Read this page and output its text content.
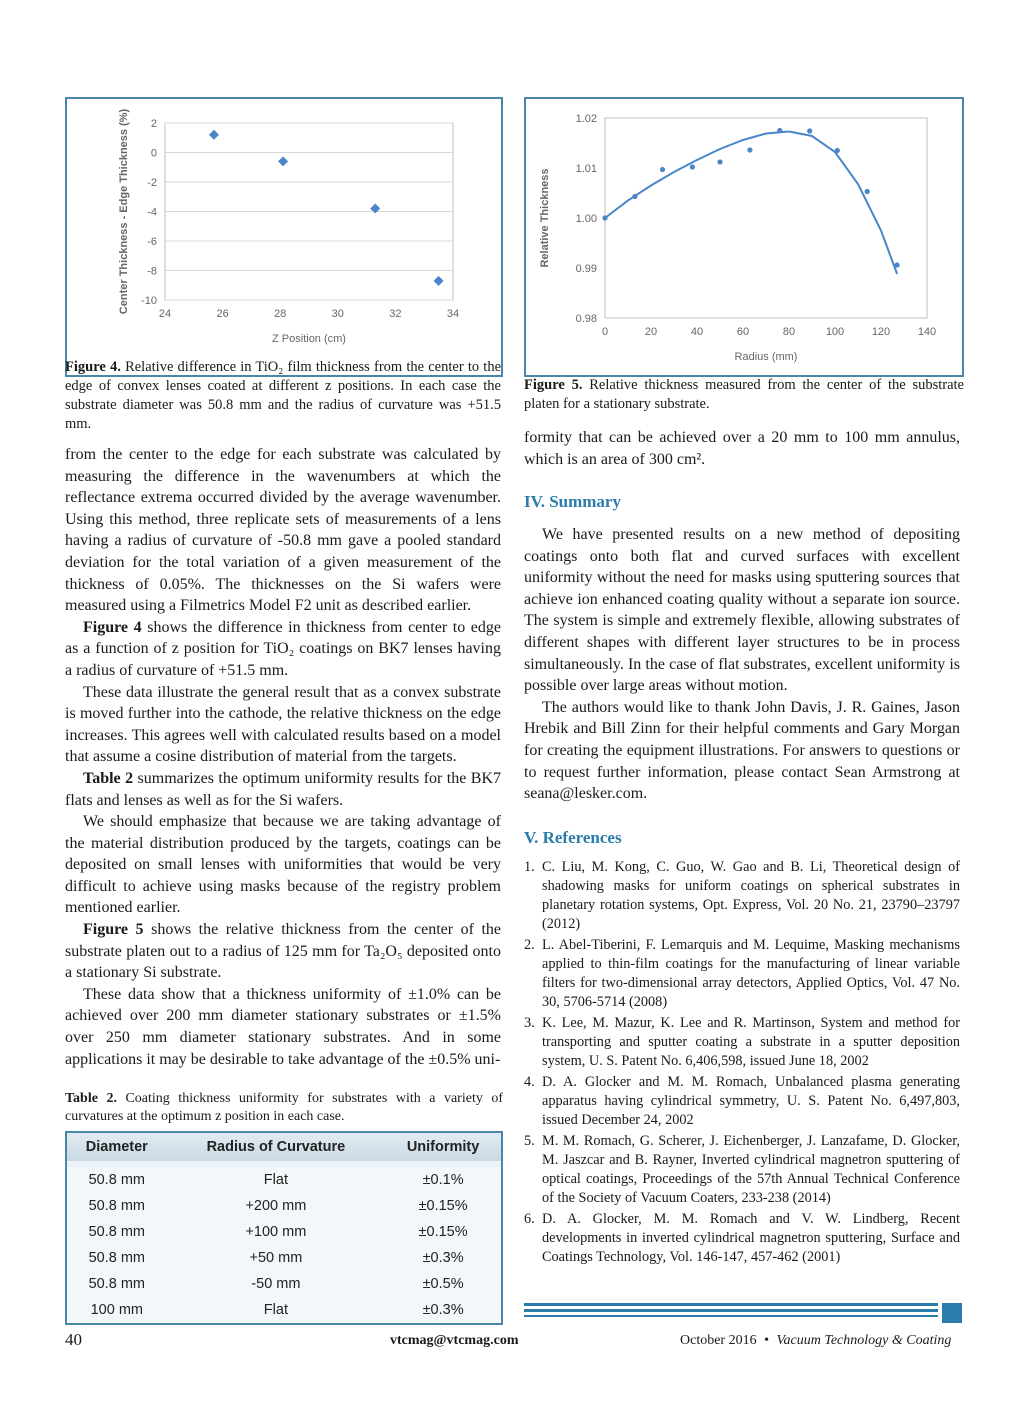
2
0
-2
-4
-6
-8
-10
24	26	28	30	32	34
Z Position (cm)
Center Thickness - Edge Thickness (%)
Figure 4. Relative difference in TiO₂ film thickness from the center to the edge of convex lenses coated at different z positions. In each case the substrate diameter was 50.8 mm and the radius of curvature was +51.5 mm.
1.02
1.01
1.00
0.99
0.98
0	20	40	60	80	100	120	140
Radius (mm)
Relative Thickness
Figure 5. Relative thickness measured from the center of the substrate platen for a stationary substrate.

from the center to the edge for each substrate was calculated by measuring the difference in the wavenumbers at which the reflectance extrema occurred divided by the average wavenumber. Using this method, three replicate sets of measurements of a lens having a radius of curvature of -50.8 mm gave a pooled standard deviation for the total variation of a given measurement of the thickness of 0.05%. The thicknesses on the Si wafers were measured using a Filmetrics Model F2 unit as described earlier.

Figure 4 shows the difference in thickness from center to edge as a function of z position for TiO₂ coatings on BK7 lenses having a radius of curvature of +51.5 mm.

These data illustrate the general result that as a convex substrate is moved further into the cathode, the relative thickness on the edge increases. This agrees well with calculated results based on a model that assume a cosine distribution of material from the targets.

Table 2 summarizes the optimum uniformity results for the BK7 flats and lenses as well as for the Si wafers.

We should emphasize that because we are taking advantage of the material distribution produced by the targets, coatings can be deposited on small lenses with uniformities that would be very difficult to achieve using masks because of the registry problem mentioned earlier.

Figure 5 shows the relative thickness from the center of the substrate platen out to a radius of 125 mm for Ta₂O₅ deposited onto a stationary Si substrate.

These data show that a thickness uniformity of ±1.0% can be achieved over 200 mm diameter stationary substrates or ±1.5% over 250 mm diameter stationary substrates. And in some applications it may be desirable to take advantage of the ±0.5% uni-

Table 2. Coating thickness uniformity for substrates with a variety of curvatures at the optimum z position in each case.
Diameter	Radius of Curvature	Uniformity

50.8 mm	Flat	±0.1%
50.8 mm	+200 mm	±0.15%
50.8 mm	+100 mm	±0.15%
50.8 mm	+50 mm	±0.3%
50.8 mm	-50 mm	±0.5%
100 mm	Flat	±0.3%

formity that can be achieved over a 20 mm to 100 mm annulus, which is an area of 300 cm².

IV. Summary

We have presented results on a new method of depositing coatings onto both flat and curved surfaces with excellent uniformity without the need for masks using sputtering sources that achieve ion enhanced coating quality without a separate ion source. The system is simple and extremely flexible, allowing substrates of different shapes with different layer structures to be in process simultaneously. In the case of flat substrates, excellent uniformity is possible over large areas without motion.

The authors would like to thank John Davis, J. R. Gaines, Jason Hrebik and Bill Zinn for their helpful comments and Gary Morgan for creating the equipment illustrations. For answers to questions or to request further information, please contact Sean Armstrong at seana@lesker.com.

V. References
1. C. Liu, M. Kong, C. Guo, W. Gao and B. Li, Theoretical design of shadowing masks for uniform coatings on spherical substrates in planetary rotation systems, Opt. Express, Vol. 20 No. 21, 23790–23797 (2012)
2. L. Abel-Tiberini, F. Lemarquis and M. Lequime, Masking mechanisms applied to thin-film coatings for the manufacturing of linear variable filters for two-dimensional array detectors, Applied Optics, Vol. 47 No. 30, 5706-5714 (2008)
3. K. Lee, M. Mazur, K. Lee and R. Martinson, System and method for transporting and sputter coating a substrate in a sputter deposition system, U. S. Patent No. 6,406,598, issued June 18, 2002
4. D. A. Glocker and M. M. Romach, Unbalanced plasma generating apparatus having cylindrical symmetry, U. S. Patent No. 6,497,803, issued December 24, 2002
5. M. M. Romach, G. Scherer, J. Eichenberger, J. Lanzafame, D. Glocker, M. Jaszcar and B. Rayner, Inverted cylindrical magnetron sputtering of optical coatings, Proceedings of the 57th Annual Technical Conference of the Society of Vacuum Coaters, 233-238 (2014)
6. D. A. Glocker, M. M. Romach and V. W. Lindberg, Recent developments in inverted cylindrical magnetron sputtering, Surface and Coatings Technology, Vol. 146-147, 457-462 (2001)
40	vtcmag@vtcmag.com	October 2016 • Vacuum Technology & Coating
